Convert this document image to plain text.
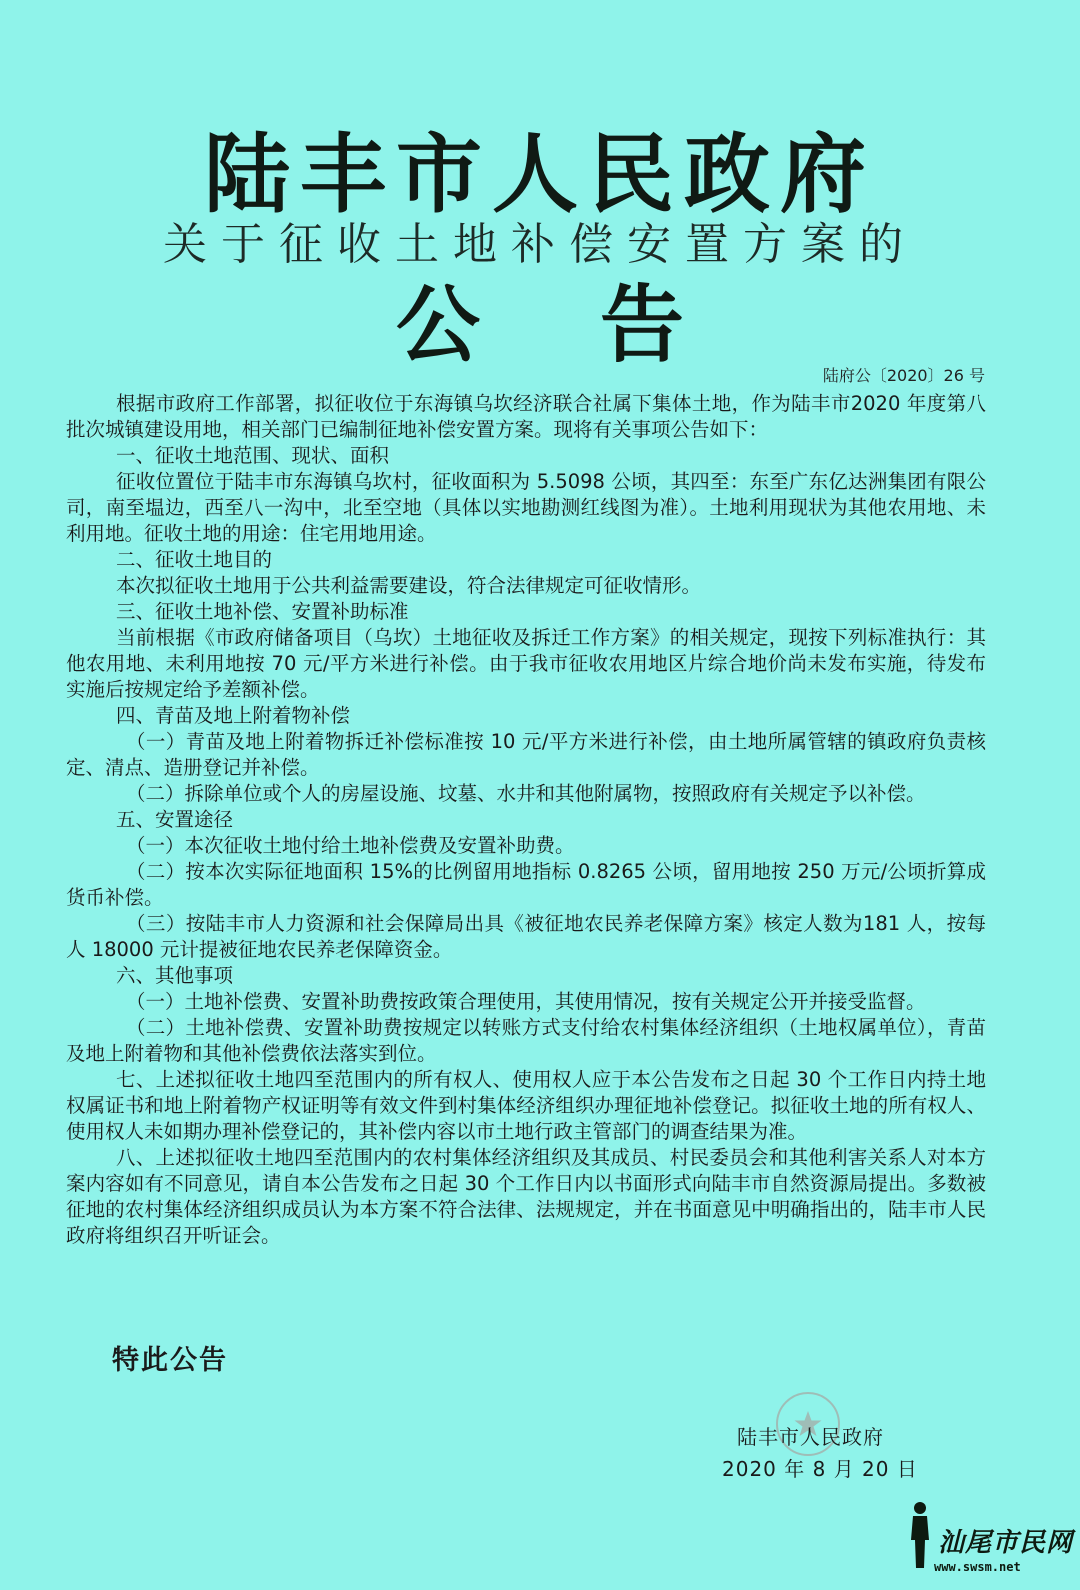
陆丰市人民政府
关于征收土地补偿安置方案的
公告
陆府公〔2020〕26 号

根据市政府工作部署，拟征收位于东海镇乌坎经济联合社属下集体土地，作为陆丰市2020 年度第八批次城镇建设用地，相关部门已编制征地补偿安置方案。现将有关事项公告如下：

一、征收土地范围、现状、面积

征收位置位于陆丰市东海镇乌坎村，征收面积为 5.5098 公顷，其四至：东至广东亿达洲集团有限公司，南至塭边，西至八一沟中，北至空地（具体以实地勘测红线图为准）。土地利用现状为其他农用地、未利用地。征收土地的用途：住宅用地用途。

二、征收土地目的

本次拟征收土地用于公共利益需要建设，符合法律规定可征收情形。

三、征收土地补偿、安置补助标准

当前根据《市政府储备项目（乌坎）土地征收及拆迁工作方案》的相关规定，现按下列标准执行：其他农用地、未利用地按 70 元/平方米进行补偿。由于我市征收农用地区片综合地价尚未发布实施，待发布实施后按规定给予差额补偿。

四、青苗及地上附着物补偿

（一）青苗及地上附着物拆迁补偿标准按 10 元/平方米进行补偿，由土地所属管辖的镇政府负责核定、清点、造册登记并补偿。

（二）拆除单位或个人的房屋设施、坟墓、水井和其他附属物，按照政府有关规定予以补偿。

五、安置途径

（一）本次征收土地付给土地补偿费及安置补助费。

（二）按本次实际征地面积 15%的比例留用地指标 0.8265 公顷，留用地按 250 万元/公顷折算成货币补偿。

（三）按陆丰市人力资源和社会保障局出具《被征地农民养老保障方案》核定人数为181 人，按每人 18000 元计提被征地农民养老保障资金。

六、其他事项

（一）土地补偿费、安置补助费按政策合理使用，其使用情况，按有关规定公开并接受监督。

（二）土地补偿费、安置补助费按规定以转账方式支付给农村集体经济组织（土地权属单位），青苗及地上附着物和其他补偿费依法落实到位。

七、上述拟征收土地四至范围内的所有权人、使用权人应于本公告发布之日起 30 个工作日内持土地权属证书和地上附着物产权证明等有效文件到村集体经济组织办理征地补偿登记。拟征收土地的所有权人、使用权人未如期办理补偿登记的，其补偿内容以市土地行政主管部门的调查结果为准。

八、上述拟征收土地四至范围内的农村集体经济组织及其成员、村民委员会和其他利害关系人对本方案内容如有不同意见，请自本公告发布之日起 30 个工作日内以书面形式向陆丰市自然资源局提出。多数被征地的农村集体经济组织成员认为本方案不符合法律、法规规定，并在书面意见中明确指出的，陆丰市人民政府将组织召开听证会。

特此公告
陆丰市人民政府
2020 年 8 月 20 日
汕尾市民网
www.swsm.net
